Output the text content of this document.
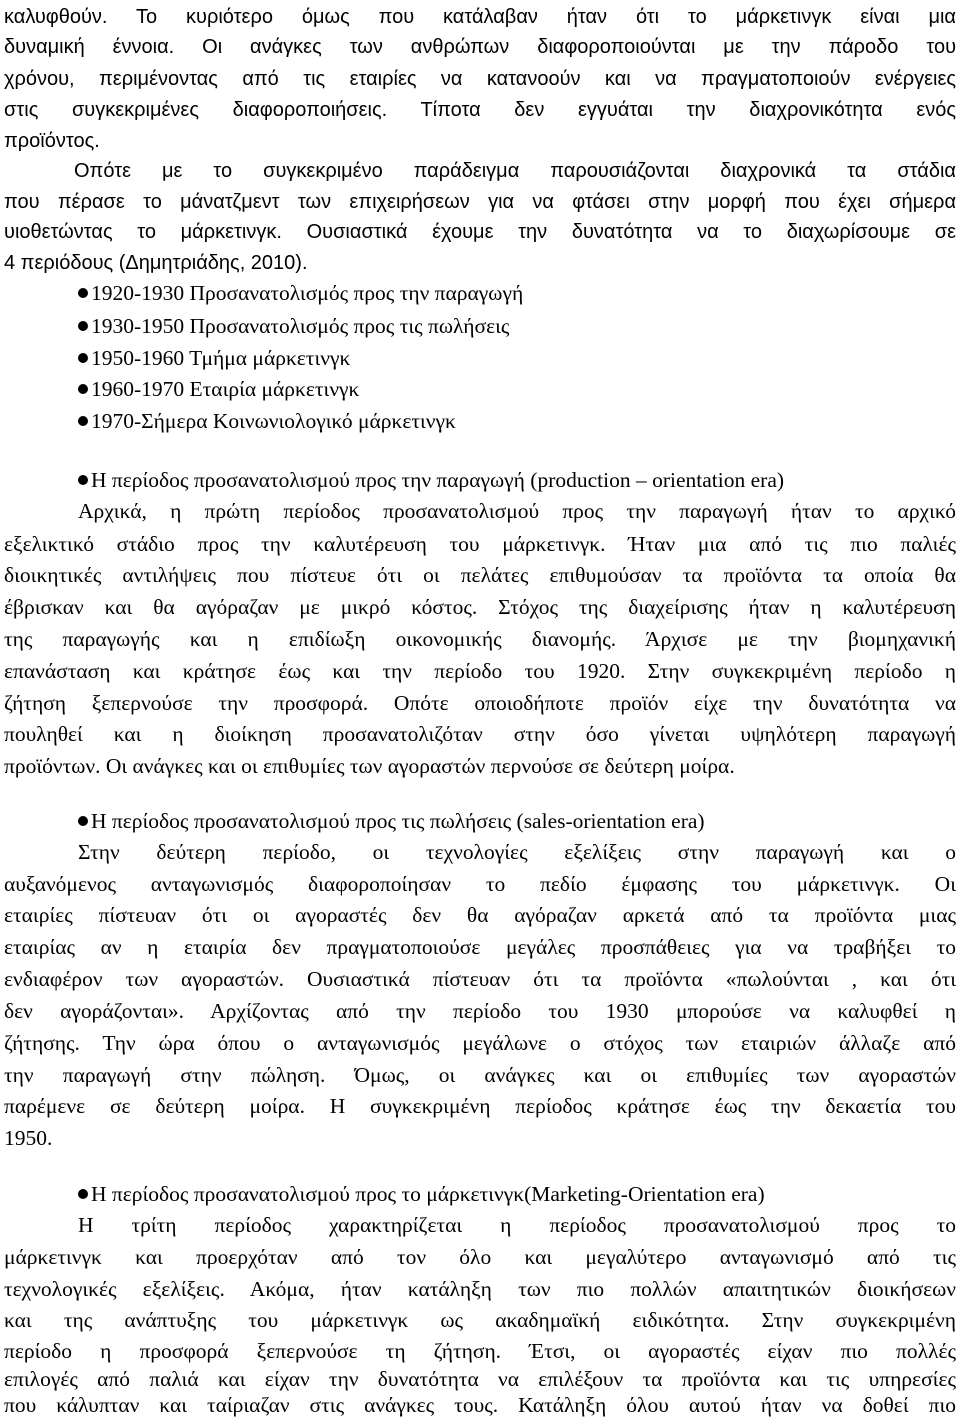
καλυφθούν. Το κυριότερο όμως που κατάλαβαν ήταν ότι το μάρκετινγκ είναι μια
δυναμική έννοια. Οι ανάγκες των ανθρώπων διαφοροποιούνται με την πάροδο του
χρόνου, περιμένοντας από τις εταιρίες να κατανοούν και να πραγματοποιούν ενέργειες
στις συγκεκριμένες διαφοροποιήσεις. Τίποτα δεν εγγυάται την διαχρονικότητα ενός
προϊόντος.
Οπότε με το συγκεκριμένο παράδειγμα παρουσιάζονται διαχρονικά τα στάδια
που πέρασε το μάνατζμεντ των επιχειρήσεων για να φτάσει στην μορφή που έχει σήμερα
υιοθετώντας το μάρκετινγκ. Ουσιαστικά έχουμε την δυνατότητα να το διαχωρίσουμε σε
4 περιόδους (Δημητριάδης, 2010).
1920-1930 Προσανατολισμός προς την παραγωγή
1930-1950 Προσανατολισμός προς τις πωλήσεις
1950-1960 Τμήμα μάρκετινγκ
1960-1970 Εταιρία μάρκετινγκ
1970-Σήμερα Κοινωνιολογικό μάρκετινγκ
Η περίοδος προσανατολισμού προς την παραγωγή (production – orientation era)
Αρχικά, η πρώτη περίοδος προσανατολισμού προς την παραγωγή ήταν το αρχικό
εξελικτικό στάδιο προς την καλυτέρευση του μάρκετινγκ. Ήταν μια από τις πιο παλιές
διοικητικές αντιλήψεις που πίστευε ότι οι πελάτες επιθυμούσαν τα προϊόντα τα οποία θα
έβρισκαν και θα αγόραζαν με μικρό κόστος. Στόχος της διαχείρισης ήταν η καλυτέρευση
της παραγωγής και η επιδίωξη οικονομικής διανομής. Άρχισε με την βιομηχανική
επανάσταση και κράτησε έως και την περίοδο του 1920. Στην συγκεκριμένη περίοδο η
ζήτηση ξεπερνούσε την προσφορά. Οπότε οποιοδήποτε προϊόν είχε την δυνατότητα να
πουληθεί και η διοίκηση προσανατολιζόταν στην όσο γίνεται υψηλότερη παραγωγή
προϊόντων. Οι ανάγκες και οι επιθυμίες των αγοραστών περνούσε σε δεύτερη μοίρα.
Η περίοδος προσανατολισμού προς τις πωλήσεις (sales-orientation era)
Στην δεύτερη περίοδο, οι τεχνολογίες εξελίξεις στην παραγωγή και ο
αυξανόμενος ανταγωνισμός διαφοροποίησαν το πεδίο έμφασης του μάρκετινγκ. Οι
εταιρίες πίστευαν ότι οι αγοραστές δεν θα αγόραζαν αρκετά από τα προϊόντα μιας
εταιρίας αν η εταιρία δεν πραγματοποιούσε μεγάλες προσπάθειες για να τραβήξει το
ενδιαφέρον των αγοραστών. Ουσιαστικά πίστευαν ότι τα προϊόντα «πωλούνται , και ότι
δεν αγοράζονται». Αρχίζοντας από την περίοδο του 1930 μπορούσε να καλυφθεί η
ζήτησης. Την ώρα όπου ο ανταγωνισμός μεγάλωνε ο στόχος των εταιριών άλλαζε από
την παραγωγή στην πώληση. Όμως, οι ανάγκες και οι επιθυμίες των αγοραστών
παρέμενε σε δεύτερη μοίρα. Η συγκεκριμένη περίοδος κράτησε έως την δεκαετία του
1950.
Η περίοδος προσανατολισμού προς το μάρκετινγκ(Marketing-Orientation era)
Η τρίτη περίοδος χαρακτηρίζεται η περίοδος προσανατολισμού προς το
μάρκετινγκ και προερχόταν από τον όλο και μεγαλύτερο ανταγωνισμό από τις
τεχνολογικές εξελίξεις. Ακόμα, ήταν κατάληξη των πιο πολλών απαιτητικών διοικήσεων
και της ανάπτυξης του μάρκετινγκ ως ακαδημαϊκή ειδικότητα. Στην συγκεκριμένη
περίοδο η προσφορά ξεπερνούσε τη ζήτηση. Έτσι, οι αγοραστές είχαν πιο πολλές
επιλογές από παλιά και είχαν την δυνατότητα να επιλέξουν τα προϊόντα και τις υπηρεσίες
που κάλυπταν και ταίριαζαν στις ανάγκες τους. Κατάληξη όλου αυτού ήταν να δοθεί πιο
